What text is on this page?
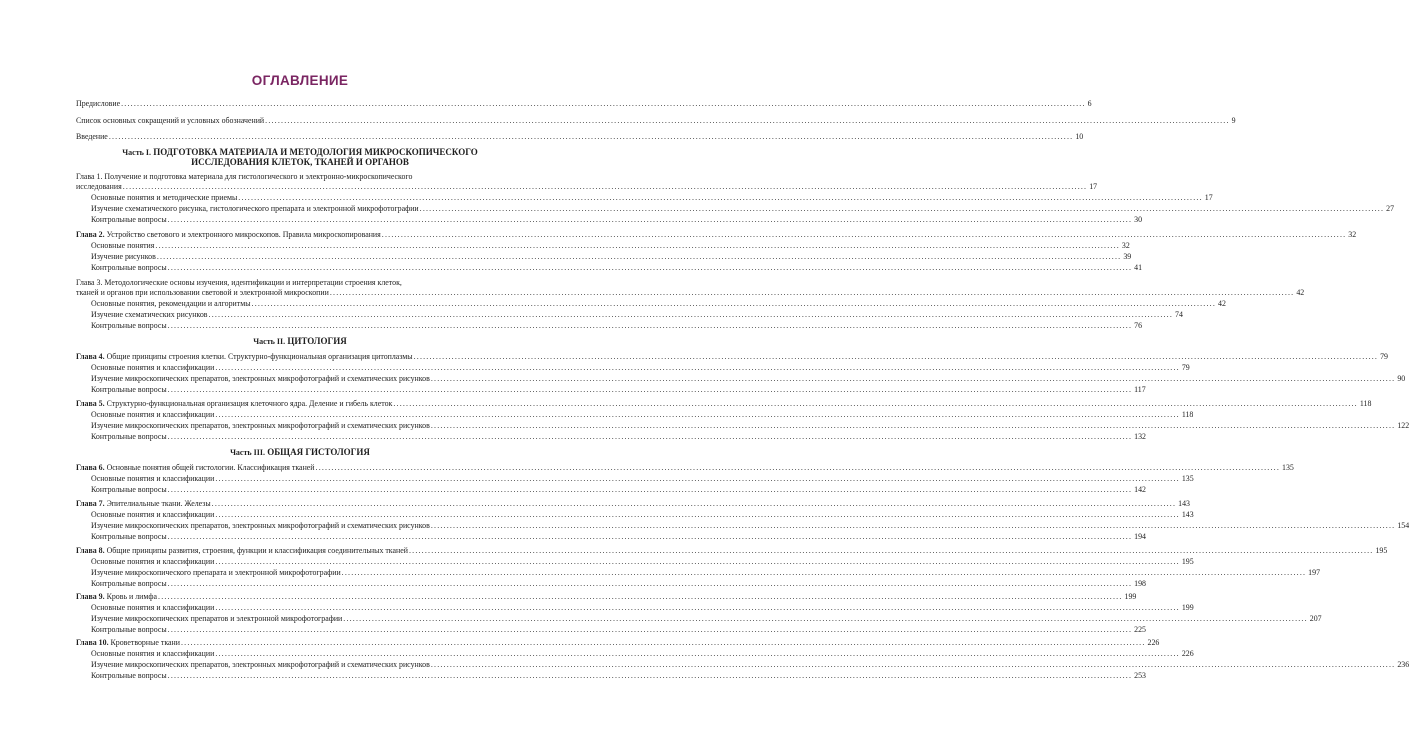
ОГЛАВЛЕНИЕ
Предисловие .....	6
Список основных сокращений и условных обозначений .....	9
Введение .....	10
Часть I. ПОДГОТОВКА МАТЕРИАЛА И МЕТОДОЛОГИЯ МИКРОСКОПИЧЕСКОГО
ИССЛЕДОВАНИЯ КЛЕТОК, ТКАНЕЙ И ОРГАНОВ
Глава 1. Получение и подготовка материала для гистологического и электронно-микроскопического
исследования .....	17
Основные понятия и методические приемы .....	17
Изучение схематического рисунка, гистологического препарата и электронной микрофотографии .....	27
Контрольные вопросы .....	30
Глава 2. Устройство светового и электронного микроскопов. Правила микроскопирования .....	32
Основные понятия .....	32
Изучение рисунков .....	39
Контрольные вопросы .....	41
Глава 3. Методологические основы изучения, идентификации и интерпретации строения клеток,
тканей и органов при использовании световой и электронной микроскопии .....	42
Основные понятия, рекомендации и алгоритмы .....	42
Изучение схематических рисунков .....	74
Контрольные вопросы .....	76
Часть II. ЦИТОЛОГИЯ
Глава 4. Общие принципы строения клетки. Структурно-функциональная организация цитоплазмы .....	79
Основные понятия и классификации .....	79
Изучение микроскопических препаратов, электронных микрофотографий и схематических рисунков .....	90
Контрольные вопросы .....	117
Глава 5. Структурно-функциональная организация клеточного ядра. Деление и гибель клеток .....	118
Основные понятия и классификации .....	118
Изучение микроскопических препаратов, электронных микрофотографий и схематических рисунков .....	122
Контрольные вопросы .....	132
Часть III. ОБЩАЯ ГИСТОЛОГИЯ
Глава 6. Основные понятия общей гистологии. Классификация тканей .....	135
Основные понятия и классификации .....	135
Контрольные вопросы .....	142
Глава 7. Эпителиальные ткани. Железы .....	143
Основные понятия и классификации .....	143
Изучение микроскопических препаратов, электронных микрофотографий и схематических рисунков .....	154
Контрольные вопросы .....	194
Глава 8. Общие принципы развития, строения, функции и классификация соединительных тканей .....	195
Основные понятия и классификации .....	195
Изучение микроскопического препарата и электронной микрофотографии .....	197
Контрольные вопросы .....	198
Глава 9. Кровь и лимфа .....	199
Основные понятия и классификации .....	199
Изучение микроскопических препаратов и электронной микрофотографии .....	207
Контрольные вопросы .....	225
Глава 10. Кроветворные ткани .....	226
Основные понятия и классификации .....	226
Изучение микроскопических препаратов, электронных микрофотографий и схематических рисунков .....	236
Контрольные вопросы .....	253
